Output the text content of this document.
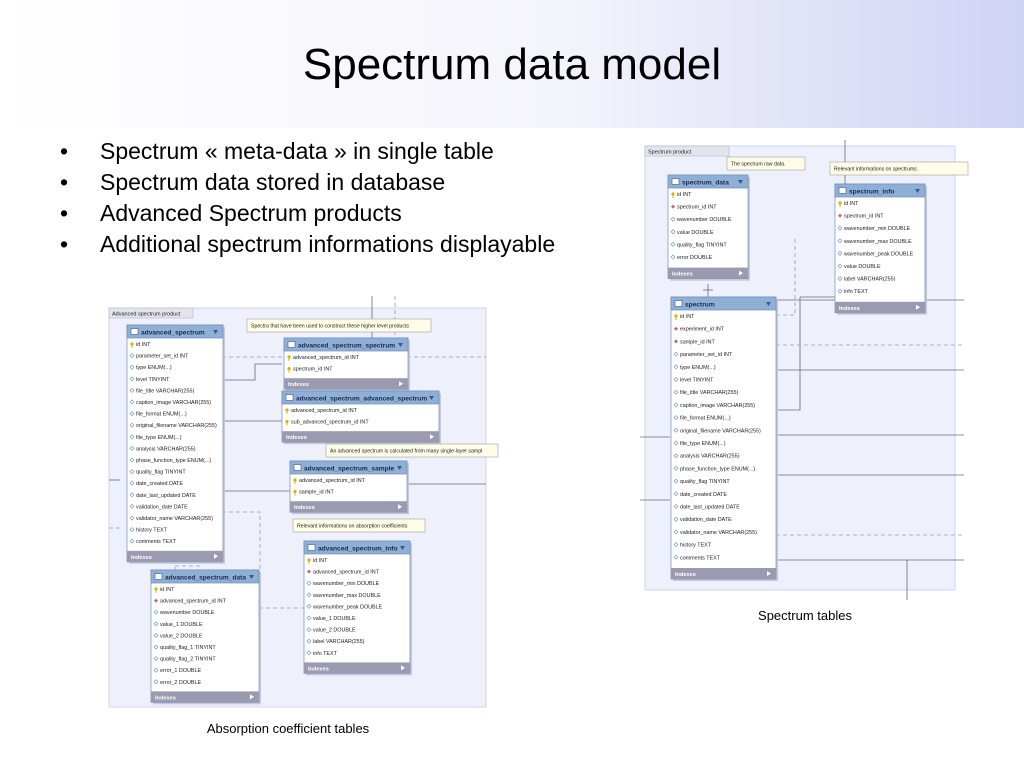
Spectrum data model
• Spectrum « meta-data » in single table
• Spectrum data stored in database
• Advanced Spectrum products
• Additional spectrum informations displayable
Advanced spectrum product
advanced_spectrum
id INT
parameter_set_id INT
type ENUM(...)
level TINYINT
file_title VARCHAR(255)
caption_image VARCHAR(255)
file_format ENUM(...)
original_filename VARCHAR(255)
file_type ENUM(...)
analysis VARCHAR(255)
phase_function_type ENUM(...)
quality_flag TINYINT
date_created DATE
date_last_updated DATE
validation_date DATE
validator_name VARCHAR(255)
history TEXT
comments TEXT
Indexes
advanced_spectrum_spectrum
advanced_spectrum_id INT
spectrum_id INT
Indexes
advanced_spectrum_advanced_spectrum
advanced_spectrum_id INT
sub_advanced_spectrum_id INT
Indexes
advanced_spectrum_sample
advanced_spectrum_id INT
sample_id INT
Indexes
advanced_spectrum_info
id INT
advanced_spectrum_id INT
wavenumber_min DOUBLE
wavenumber_max DOUBLE
wavenumber_peak DOUBLE
value_1 DOUBLE
value_2 DOUBLE
label VARCHAR(255)
info TEXT
Indexes
advanced_spectrum_data
id INT
advanced_spectrum_id INT
wavenumber DOUBLE
value_1 DOUBLE
value_2 DOUBLE
quality_flag_1 TINYINT
quality_flag_2 TINYINT
error_1 DOUBLE
error_2 DOUBLE
Indexes
Spectra that have been used to construct these higher level products
An advanced spectrum is calculated from many single-layer sampl
Relevant informations on absorption coefficients
Spectrum product
spectrum_data
id INT
spectrum_id INT
wavenumber DOUBLE
value DOUBLE
quality_flag TINYINT
error DOUBLE
Indexes
spectrum_info
id INT
spectrum_id INT
wavenumber_min DOUBLE
wavenumber_max DOUBLE
wavenumber_peak DOUBLE
value DOUBLE
label VARCHAR(255)
info TEXT
Indexes
spectrum
id INT
experiment_id INT
sample_id INT
parameter_set_id INT
type ENUM(...)
level TINYINT
file_title VARCHAR(255)
caption_image VARCHAR(255)
file_format ENUM(...)
original_filename VARCHAR(255)
file_type ENUM(...)
analysis VARCHAR(255)
phase_function_type ENUM(...)
quality_flag TINYINT
date_created DATE
date_last_updated DATE
validation_date DATE
validator_name VARCHAR(255)
history TEXT
comments TEXT
Indexes
The spectrum raw data.
Relevant informations on spectrums
Absorption coefficient tables
Spectrum tables
